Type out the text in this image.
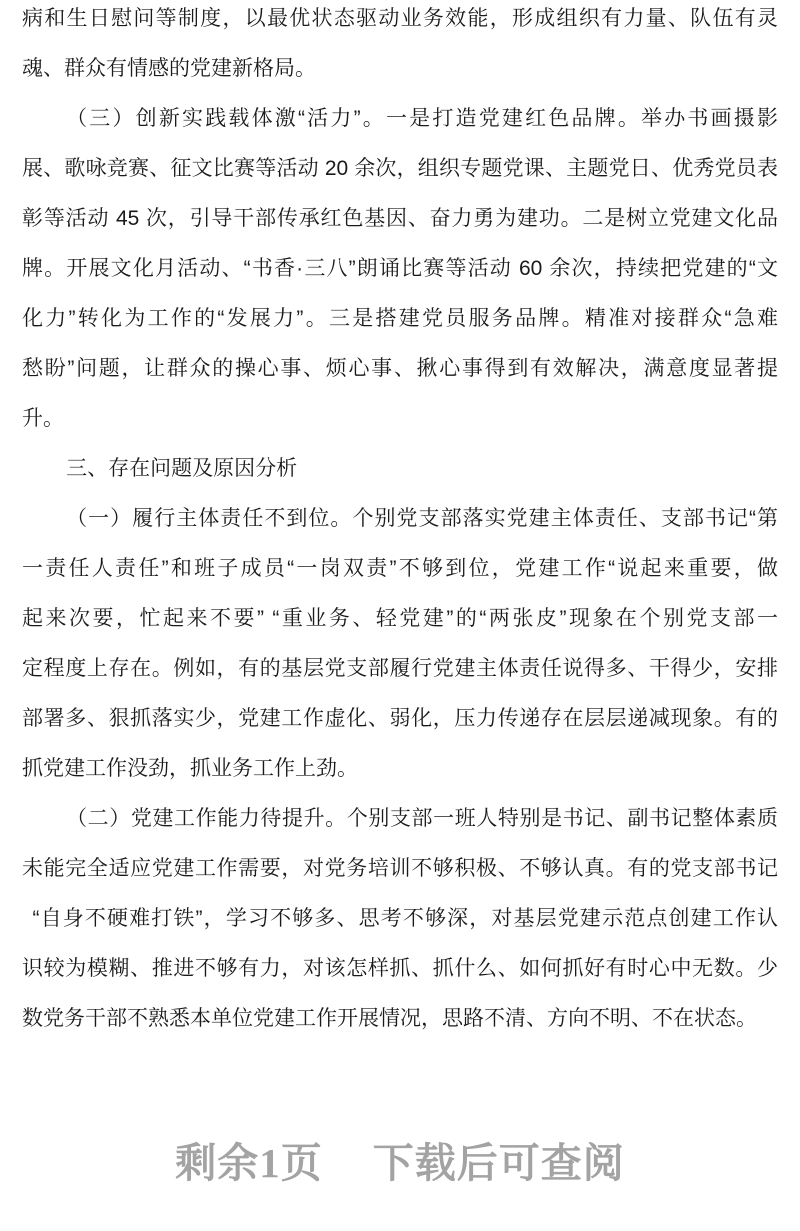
病和生日慰问等制度，以最优状态驱动业务效能，形成组织有力量、队伍有灵
魂、群众有情感的党建新格局。
（三）创新实践载体激“活力”。一是打造党建红色品牌。举办书画摄影
展、歌咏竞赛、征文比赛等活动 20 余次，组织专题党课、主题党日、优秀党员表
彰等活动 45 次，引导干部传承红色基因、奋力勇为建功。二是树立党建文化品
牌。开展文化月活动、“书香·三八”朗诵比赛等活动 60 余次，持续把党建的“文
化力”转化为工作的“发展力”。三是搭建党员服务品牌。精准对接群众“急难
愁盼”问题，让群众的操心事、烦心事、揪心事得到有效解决，满意度显著提
升。
三、存在问题及原因分析
（一）履行主体责任不到位。个别党支部落实党建主体责任、支部书记“第
一责任人责任”和班子成员“一岗双责”不够到位，党建工作“说起来重要，做
起来次要，忙起来不要” “重业务、轻党建”的“两张皮”现象在个别党支部一
定程度上存在。例如，有的基层党支部履行党建主体责任说得多、干得少，安排
部署多、狠抓落实少，党建工作虚化、弱化，压力传递存在层层递减现象。有的
抓党建工作没劲，抓业务工作上劲。
（二）党建工作能力待提升。个别支部一班人特别是书记、副书记整体素质
未能完全适应党建工作需要，对党务培训不够积极、不够认真。有的党支部书记
“自身不硬难打铁”，学习不够多、思考不够深，对基层党建示范点创建工作认
识较为模糊、推进不够有力，对该怎样抓、抓什么、如何抓好有时心中无数。少
数党务干部不熟悉本单位党建工作开展情况，思路不清、方向不明、不在状态。
剩余1页 下载后可查阅
